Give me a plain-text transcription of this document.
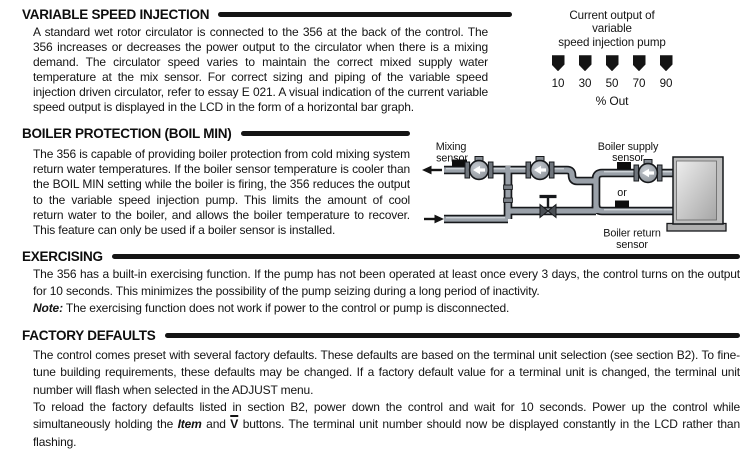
VARIABLE SPEED INJECTION
A standard wet rotor circulator is connected to the 356 at the back of the control. The 356 increases or decreases the power output to the circulator when there is a mixing demand. The circulator speed varies to maintain the correct mixed supply water temperature at the mix sensor. For correct sizing and piping of the variable speed injection driven circulator, refer to essay E 021. A visual indication of the current variable speed output is displayed in the LCD in the form of a horizontal bar graph.
Current output of
variable
speed injection pump
10	30	50	70	90
% Out
BOILER PROTECTION (BOIL MIN)
The 356 is capable of providing boiler protection from cold mixing system return water temperatures. If the boiler sensor temperature is cooler than the BOIL MIN setting while the boiler is firing, the 356 reduces the output to the variable speed injection pump. This limits the amount of cool return water to the boiler, and allows the boiler temperature to recover. This feature can only be used if a boiler sensor is installed.
Mixing
sensor
Boiler supply
sensor
or
Boiler return
sensor
EXERCISING
The 356 has a built-in exercising function. If the pump has not been operated at least once every 3 days, the control turns on the output for 10 seconds. This minimizes the possibility of the pump seizing during a long period of inactivity.
Note: The exercising function does not work if power to the control or pump is disconnected.
FACTORY DEFAULTS
The control comes preset with several factory defaults. These defaults are based on the terminal unit selection (see section B2). To fine-tune building requirements, these defaults may be changed. If a factory default value for a terminal unit is changed, the terminal unit number will flash when selected in the ADJUST menu.
To reload the factory defaults listed in section B2, power down the control and wait for 10 seconds. Power up the control while simultaneously holding the Item and $\overline{V}$ buttons. The terminal unit number should now be displayed constantly in the LCD rather than flashing.
